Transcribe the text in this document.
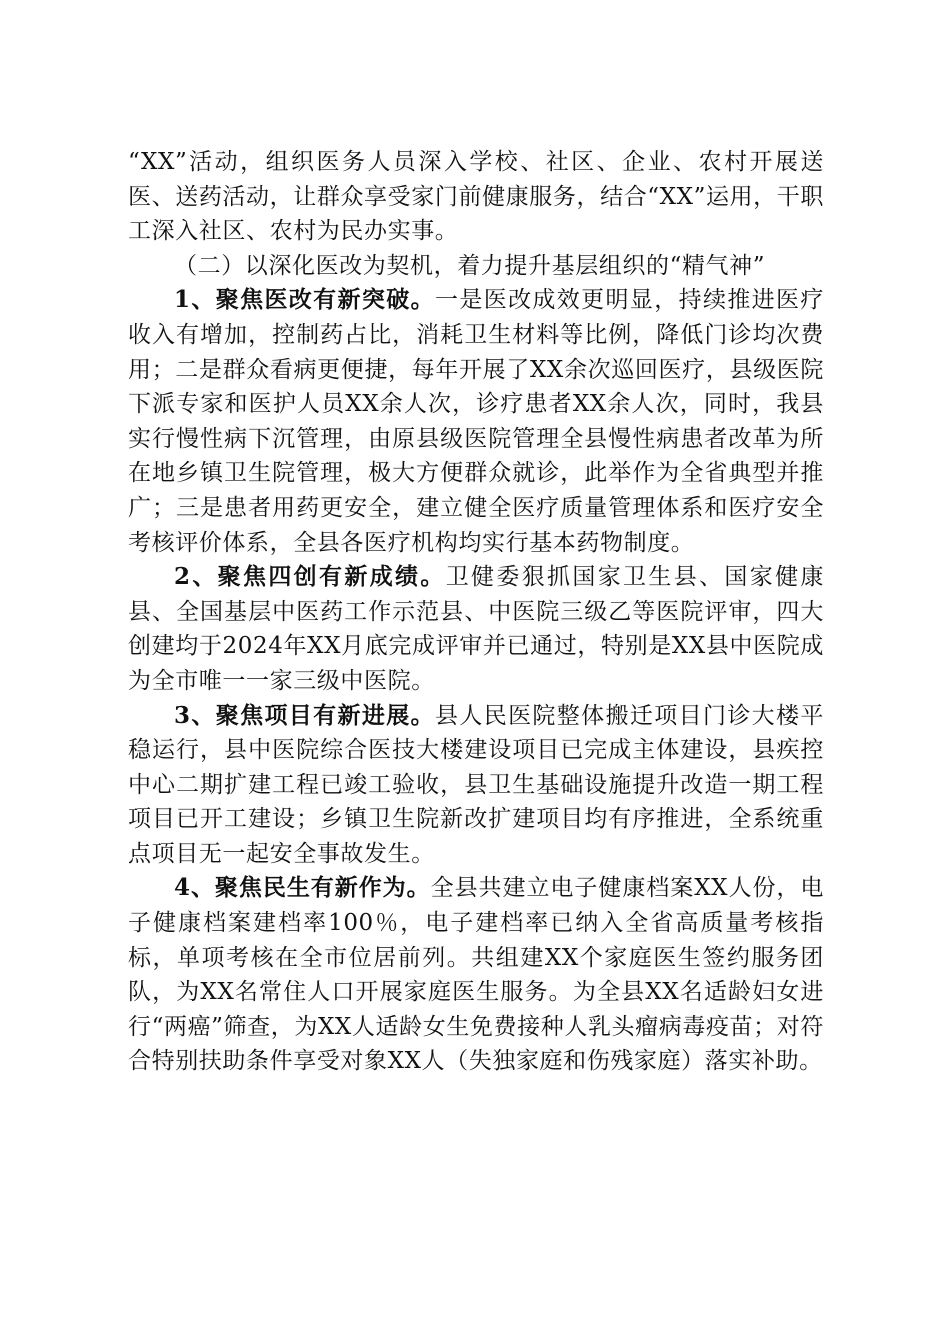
“XX”活动，组织医务人员深入学校、社区、企业、农村开展送医、送药活动，让群众享受家门前健康服务，结合“XX”运用，干职工深入社区、农村为民办实事。

（二）以深化医改为契机，着力提升基层组织的“精气神”

1、聚焦医改有新突破。一是医改成效更明显，持续推进医疗收入有增加，控制药占比，消耗卫生材料等比例，降低门诊均次费用；二是群众看病更便捷，每年开展了XX余次巡回医疗，县级医院下派专家和医护人员XX余人次，诊疗患者XX余人次，同时，我县实行慢性病下沉管理，由原县级医院管理全县慢性病患者改革为所在地乡镇卫生院管理，极大方便群众就诊，此举作为全省典型并推广；三是患者用药更安全，建立健全医疗质量管理体系和医疗安全考核评价体系，全县各医疗机构均实行基本药物制度。

2、聚焦四创有新成绩。卫健委狠抓国家卫生县、国家健康县、全国基层中医药工作示范县、中医院三级乙等医院评审，四大创建均于2024年XX月底完成评审并已通过，特别是XX县中医院成为全市唯一一家三级中医院。

3、聚焦项目有新进展。县人民医院整体搬迁项目门诊大楼平稳运行，县中医院综合医技大楼建设项目已完成主体建设，县疾控中心二期扩建工程已竣工验收，县卫生基础设施提升改造一期工程项目已开工建设；乡镇卫生院新改扩建项目均有序推进，全系统重点项目无一起安全事故发生。

4、聚焦民生有新作为。全县共建立电子健康档案XX人份，电子健康档案建档率100％，电子建档率已纳入全省高质量考核指标，单项考核在全市位居前列。共组建XX个家庭医生签约服务团队，为XX名常住人口开展家庭医生服务。为全县XX名适龄妇女进行“两癌”筛查，为XX人适龄女生免费接种人乳头瘤病毒疫苗；对符合特别扶助条件享受对象XX人（失独家庭和伤残家庭）落实补助。
